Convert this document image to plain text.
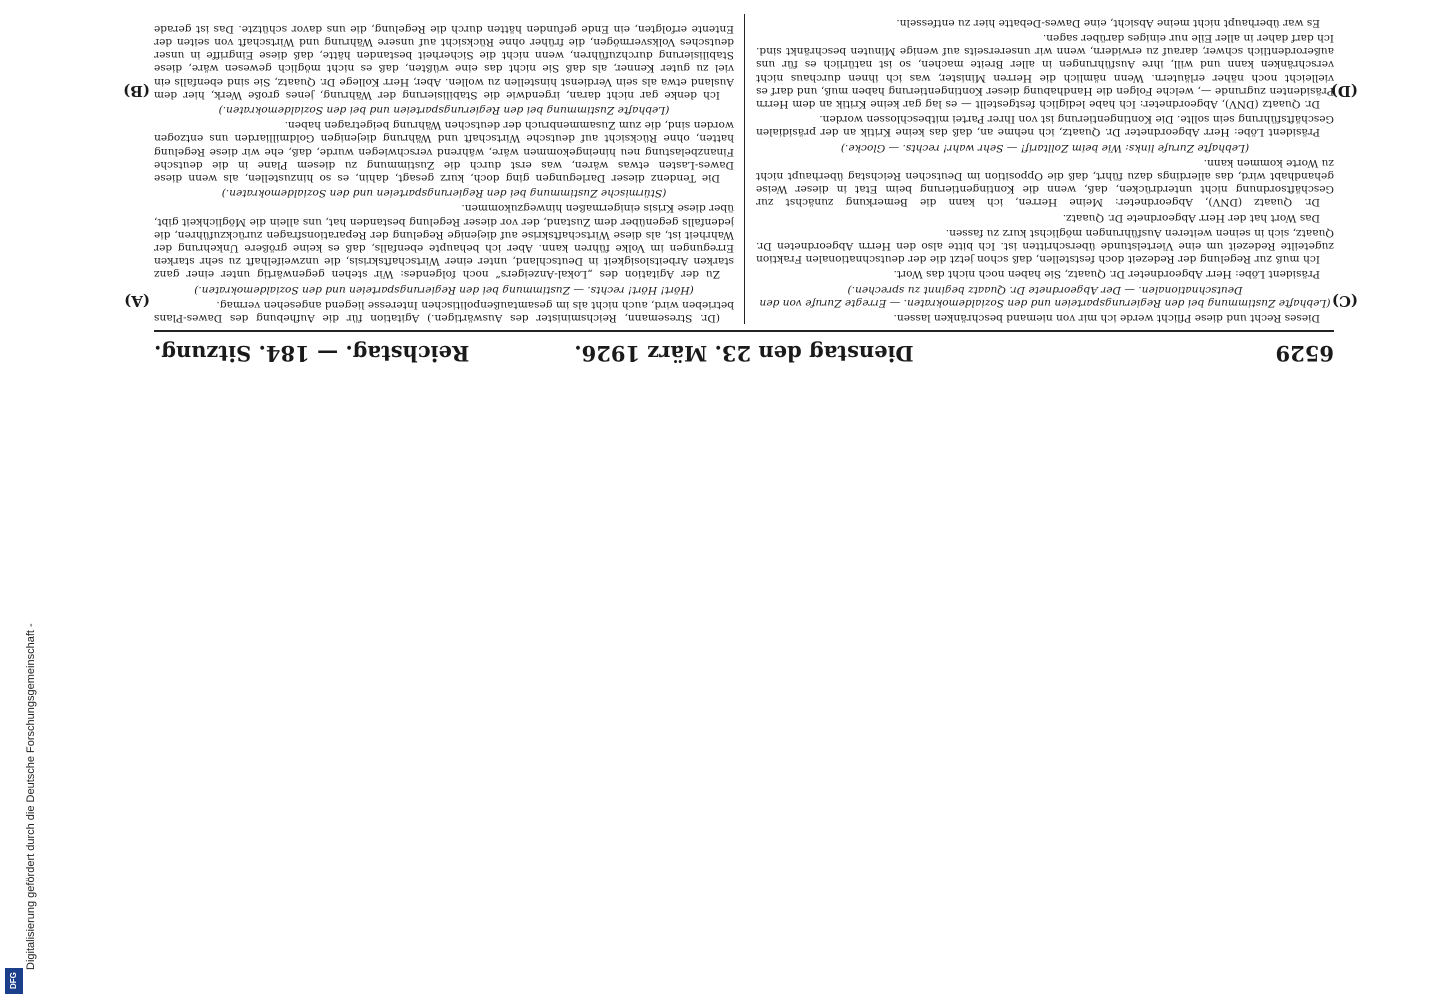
6529
Dienstag den 23. März 1926.
Reichstag. — 184. Sitzung.

(Dr. Stresemann, Reichsminister des Auswärtigen.) Agitation für die Aufhebung des Dawes-Plans betrieben wird, auch nicht als im gesamtaußenpolitischen Interesse liegend angesehen vermag.

(Hört! Hört! rechts. — Zustimmung bei den Regierungsparteien und den Sozialdemokraten.)

Zu der Agitation des „Lokal-Anzeigers“ noch folgendes: Wir stehen gegenwärtig unter einer ganz starken Arbeitslosigkeit in Deutschland, unter einer Wirtschaftskrisis, die unzweifelhaft zu sehr starken Erregungen im Volke führen kann. Aber ich behaupte ebenfalls, daß es keine größere Unkehrung der Wahrheit ist, als diese Wirtschaftskrise auf diejenige Regelung der Reparationsfragen zurückzuführen, die jedenfalls gegenüber dem Zustand, der vor dieser Regelung bestanden hat, uns allein die Möglichkeit gibt, über diese Krisis einigermaßen hinwegzukommen.

(Stürmische Zustimmung bei den Regierungsparteien und den Sozialdemokraten.)

Die Tendenz dieser Darlegungen ging doch, kurz gesagt, dahin, es so hinzustellen, als wenn diese Dawes-Lasten etwas wären, was erst durch die Zustimmung zu diesem Plane in die deutsche Finanzbelastung neu hineingekommen wäre, während verschwiegen wurde, daß, ehe wir diese Regelung hatten, ohne Rücksicht auf deutsche Wirtschaft und Währung diejenigen Goldmilliarden uns entzogen worden sind, die zum Zusammenbruch der deutschen Währung beigetragen haben.

(Lebhafte Zustimmung bei den Regierungsparteien und bei den Sozialdemokraten.)

Ich denke gar nicht daran, irgendwie die Stabilisierung der Währung, jenes große Werk, hier dem Ausland etwa als sein Verdienst hinstellen zu wollen. Aber, Herr Kollege Dr. Quaatz, Sie sind ebenfalls ein viel zu guter Kenner, als daß Sie nicht das eine wüßten, daß es nicht möglich gewesen wäre, diese Stabilisierung durchzuführen, wenn nicht die Sicherheit bestanden hätte, daß diese Eingriffe in unser deutsches Volksvermögen, die früher ohne Rücksicht auf unsere Währung und Wirtschaft von seiten der Entente erfolgten, ein Ende gefunden hätten durch die Regelung, die uns davor schützte. Das ist gerade

Dieses Recht und diese Pflicht werde ich mir von niemand beschränken lassen.

(Lebhafte Zustimmung bei den Regierungsparteien und den Sozialdemokraten. — Erregte Zurufe von den Deutschnationalen. — Der Abgeordnete Dr. Quaatz beginnt zu sprechen.)

Präsident Löbe: Herr Abgeordneter Dr. Quaatz, Sie haben noch nicht das Wort.

Ich muß zur Regelung der Redezeit doch feststellen, daß schon jetzt die der deutschnationalen Fraktion zugeteilte Redezeit um eine Viertelstunde überschritten ist. Ich bitte also den Herrn Abgeordneten Dr. Quaatz, sich in seinen weiteren Ausführungen möglichst kurz zu fassen.

Das Wort hat der Herr Abgeordnete Dr. Quaatz.

Dr. Quaatz (DNV), Abgeordneter: Meine Herren, ich kann die Bemerkung zunächst zur Geschäftsordnung nicht unterdrücken, daß, wenn die Kontingentierung beim Etat in dieser Weise gehandhabt wird, das allerdings dazu führt, daß die Opposition im Deutschen Reichstag überhaupt nicht zu Worte kommen kann.

(Lebhafte Zurufe links: Wie beim Zolltarif! — Sehr wahr! rechts. — Glocke.)

Präsident Löbe: Herr Abgeordneter Dr. Quaatz, ich nehme an, daß das keine Kritik an der präsidialen Geschäftsführung sein sollte. Die Kontingentierung ist von Ihrer Partei mitbeschlossen worden.

Dr. Quaatz (DNV), Abgeordneter: Ich habe lediglich festgestellt — es lag gar keine Kritik an dem Herrn Präsidenten zugrunde —, welche Folgen die Handhabung dieser Kontingentierung haben muß, und darf es vielleicht noch näher erläutern. Wenn nämlich die Herren Minister, was ich ihnen durchaus nicht verschränken kann und will, ihre Ausführungen in aller Breite machen, so ist natürlich es für uns außerordentlich schwer, darauf zu erwidern, wenn wir unsererseits auf wenige Minuten beschränkt sind. Ich darf daher in aller Eile nur einiges darüber sagen.

Es war überhaupt nicht meine Absicht, eine Dawes-Debatte hier zu entfesseln.

(A)
(B)
(C)
(D)
Digitalisierung gefördert durch die Deutsche Forschungsgemeinschaft -
DFG
